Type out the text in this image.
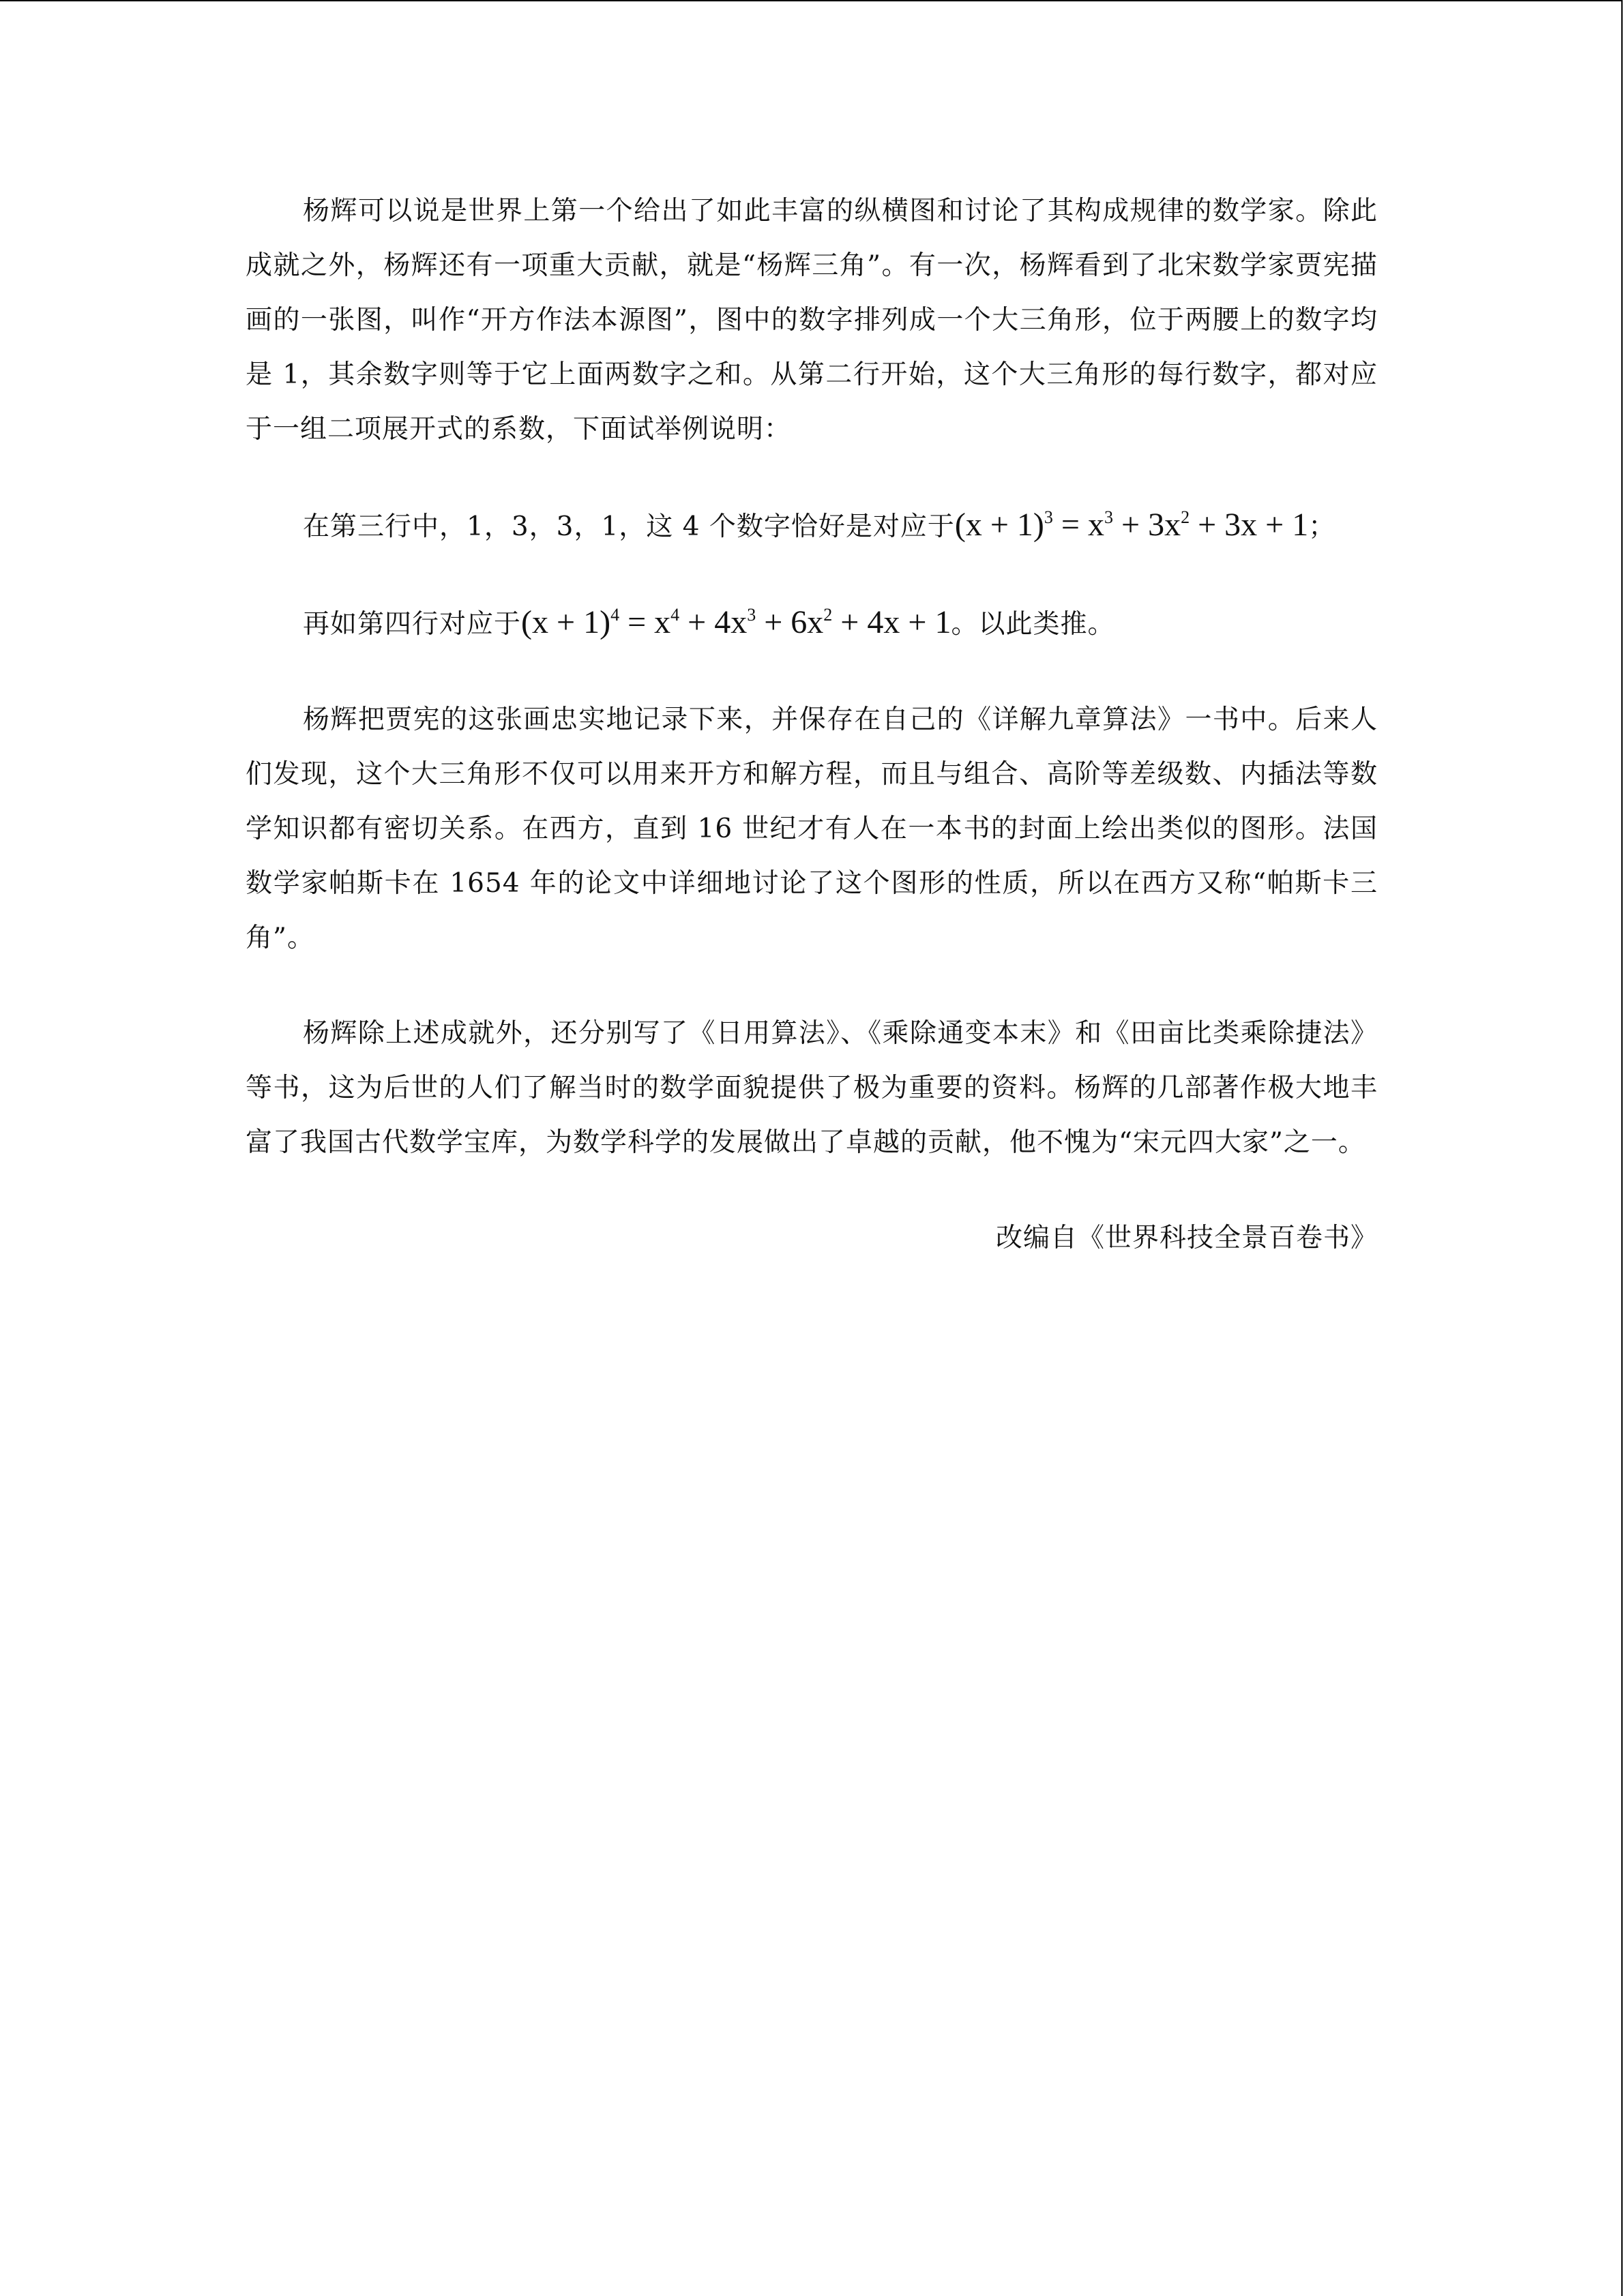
杨辉可以说是世界上第一个给出了如此丰富的纵横图和讨论了其构成规律的数学家。除此成就之外，杨辉还有一项重大贡献，就是“杨辉三角”。有一次，杨辉看到了北宋数学家贾宪描画的一张图，叫作“开方作法本源图”，图中的数字排列成一个大三角形，位于两腰上的数字均是 1，其余数字则等于它上面两数字之和。从第二行开始，这个大三角形的每行数字，都对应于一组二项展开式的系数，下面试举例说明：

在第三行中，1，3，3，1，这 4 个数字恰好是对应于$(x + 1)^3 = x^3 + 3x^2 + 3x + 1$；

再如第四行对应于$(x + 1)^4 = x^4 + 4x^3 + 6x^2 + 4x + 1$。以此类推。

杨辉把贾宪的这张画忠实地记录下来，并保存在自己的《详解九章算法》一书中。后来人们发现，这个大三角形不仅可以用来开方和解方程，而且与组合、高阶等差级数、内插法等数学知识都有密切关系。在西方，直到 16 世纪才有人在一本书的封面上绘出类似的图形。法国数学家帕斯卡在 1654 年的论文中详细地讨论了这个图形的性质，所以在西方又称“帕斯卡三角”。

杨辉除上述成就外，还分别写了《日用算法》、《乘除通变本末》和《田亩比类乘除捷法》等书，这为后世的人们了解当时的数学面貌提供了极为重要的资料。杨辉的几部著作极大地丰富了我国古代数学宝库，为数学科学的发展做出了卓越的贡献，他不愧为“宋元四大家”之一。

改编自《世界科技全景百卷书》
